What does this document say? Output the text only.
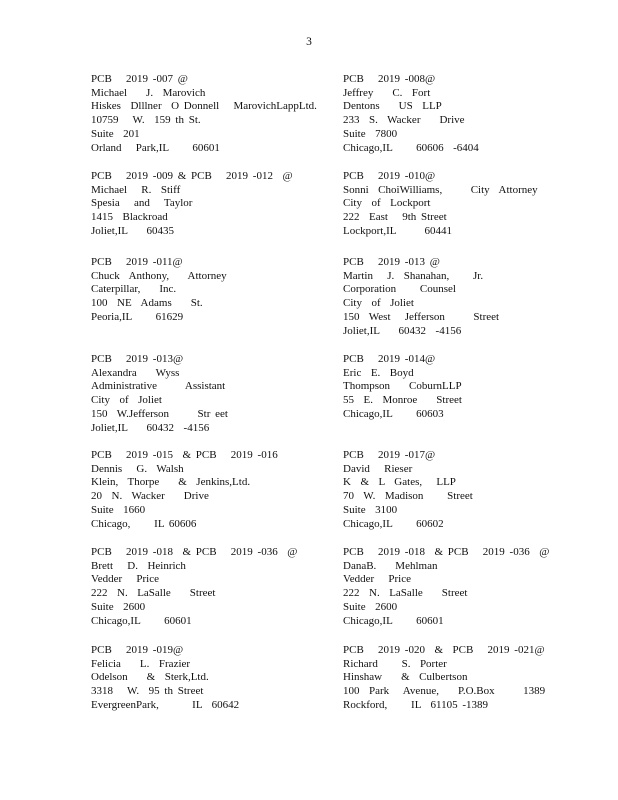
3
PCB   2019 -007 @
Michael    J.  Marovich
Hiskes  Dlllner  O Donnell   MarovichLappLtd.
10759   W.  159 th St.
Suite  201
Orland   Park,IL     60601
PCB   2019 -009 & PCB   2019 -012  @
Michael   R.  Stiff
Spesia   and   Taylor
1415  Blackroad
Joliet,IL    60435
PCB   2019 -011@
Chuck  Anthony,    Attorney
Caterpillar,    Inc.
100  NE  Adams    St.
Peoria,IL     61629
PCB   2019 -013@
Alexandra    Wyss
Administrative      Assistant
City  of  Joliet
150  W.Jefferson      Str eet
Joliet,IL    60432  -4156
PCB   2019 -015  & PCB   2019 -016
Dennis   G.  Walsh
Klein,  Thorpe    &  Jenkins,Ltd.
20  N.  Wacker    Drive
Suite  1660
Chicago,     IL 60606
PCB   2019 -018  & PCB   2019 -036  @
Brett   D.  Heinrich
Vedder   Price
222  N.  LaSalle    Street
Suite  2600
Chicago,IL     60601
PCB   2019 -019@
Felicia    L.  Frazier
Odelson    &  Sterk,Ltd.
3318   W.  95 th Street
EvergreenPark,       IL  60642
PCB   2019 -008@
Jeffrey    C.  Fort
Dentons    US  LLP
233  S.  Wacker    Drive
Suite  7800
Chicago,IL     60606  -6404
PCB   2019 -010@
Sonni  ChoiWilliams,      City  Attorney
City  of  Lockport
222  East   9th Street
Lockport,IL      60441
PCB   2019 -013 @
Martin   J.  Shanahan,     Jr.
Corporation     Counsel
City  of  Joliet
150  West   Jefferson      Street
Joliet,IL    60432  -4156
PCB   2019 -014@
Eric  E.  Boyd
Thompson    CoburnLLP
55  E.  Monroe    Street
Chicago,IL     60603
PCB   2019 -017@
David   Rieser
K  &  L  Gates,   LLP
70  W.  Madison     Street
Suite  3100
Chicago,IL     60602
PCB   2019 -018  & PCB   2019 -036  @
DanaB.    Mehlman
Vedder   Price
222  N.  LaSalle    Street
Suite  2600
Chicago,IL     60601
PCB   2019 -020  &  PCB   2019 -021@
Richard     S.  Porter
Hinshaw    &  Culbertson
100  Park   Avenue,    P.O.Box      1389
Rockford,     IL  61105 -1389
